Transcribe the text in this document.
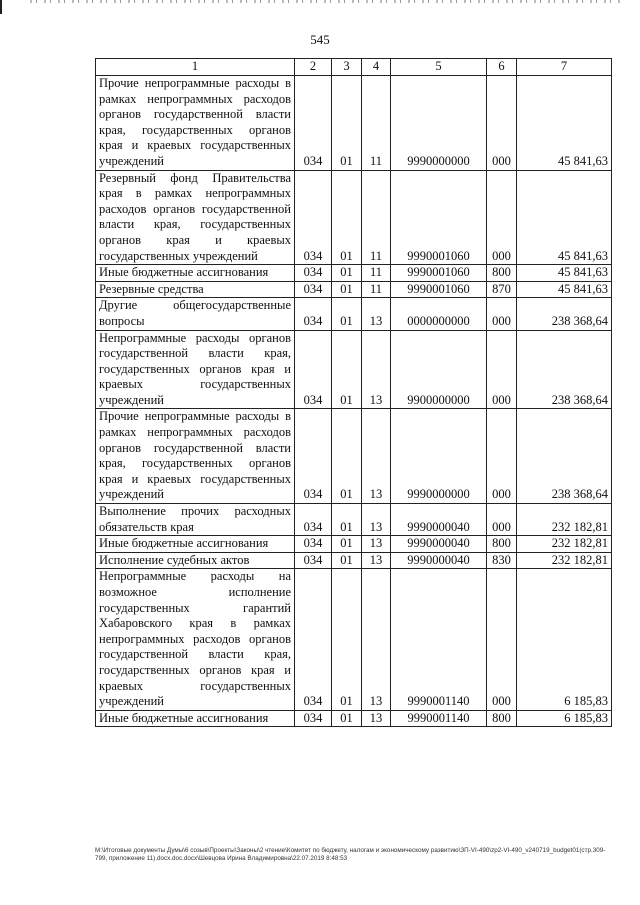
545
1	2	3	4	5	6	7
Прочие непрограммные расходы в рамках непрограммных расходов органов государственной власти края, государственных органов края и краевых государственных учреждений	034	01	11	9990000000	000	45 841,63
Резервный фонд Правительства края в рамках непрограммных расходов органов государственной власти края, государственных органов края и краевых государственных учреждений	034	01	11	9990001060	000	45 841,63
Иные бюджетные ассигнования	034	01	11	9990001060	800	45 841,63
Резервные средства	034	01	11	9990001060	870	45 841,63
Другие общегосударственные вопросы	034	01	13	0000000000	000	238 368,64
Непрограммные расходы органов государственной власти края, государственных органов края и краевых государственных учреждений	034	01	13	9900000000	000	238 368,64
Прочие непрограммные расходы в рамках непрограммных расходов органов государственной власти края, государственных органов края и краевых государственных учреждений	034	01	13	9990000000	000	238 368,64
Выполнение прочих расходных обязательств края	034	01	13	9990000040	000	232 182,81
Иные бюджетные ассигнования	034	01	13	9990000040	800	232 182,81
Исполнение судебных актов	034	01	13	9990000040	830	232 182,81
Непрограммные расходы на возможное исполнение государственных гарантий Хабаровского края в рамках непрограммных расходов органов государственной власти края, государственных органов края и краевых государственных учреждений	034	01	13	9990001140	000	6 185,83
Иные бюджетные ассигнования	034	01	13	9990001140	800	6 185,83
М:\Итоговые документы Думы\6 созыв\Проекты\Законы\2 чтение\Комитет по бюджету, налогам и экономическому развитию\ЗП-VI-490\zp2-VI-490_v240719_budget01(стр.309-799, приложение 11).docx.doc.docx\Шевцова Ирина Владимировна\22.07.2019 8:48:53
